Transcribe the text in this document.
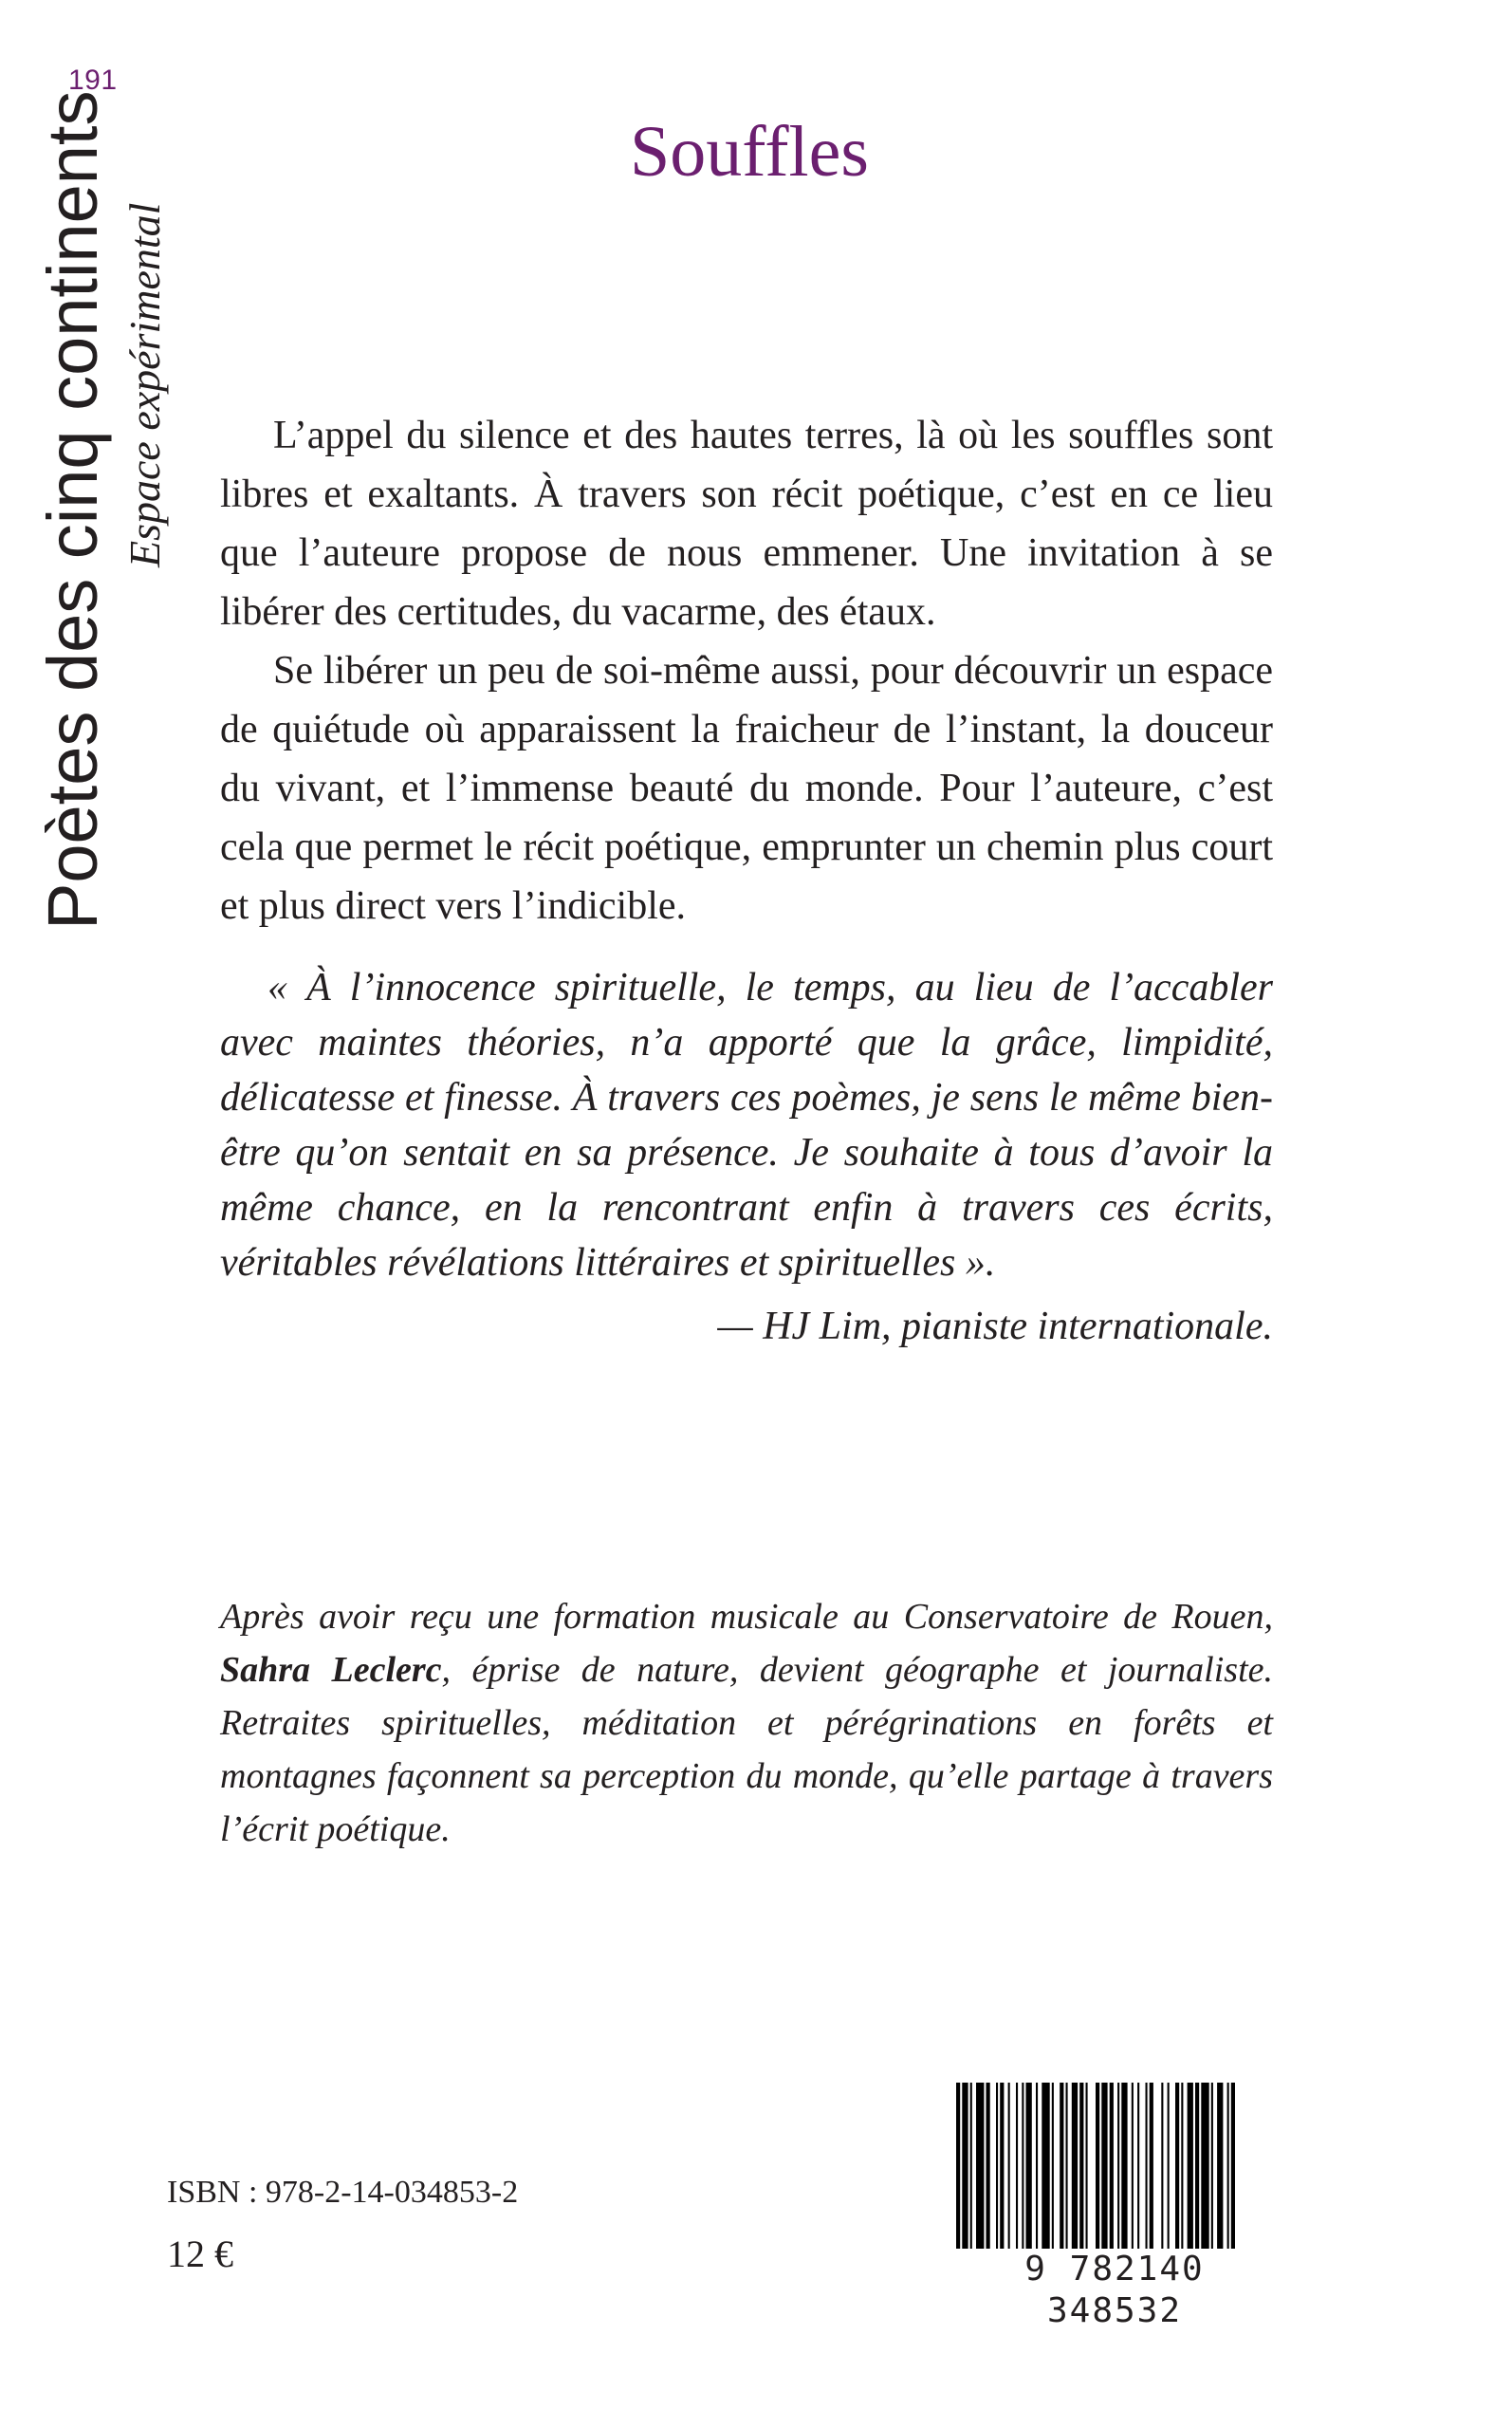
191
Poètes des cinq continents Espace expérimental
Souffles

L’appel du silence et des hautes terres, là où les souffles sont libres et exaltants. À travers son récit poétique, c’est en ce lieu que l’auteure propose de nous emmener. Une invitation à se libérer des certitudes, du vacarme, des étaux.

Se libérer un peu de soi-même aussi, pour découvrir un espace de quiétude où apparaissent la fraicheur de l’instant, la douceur du vivant, et l’immense beauté du monde. Pour l’auteure, c’est cela que permet le récit poétique, emprunter un chemin plus court et plus direct vers l’indicible.

« À l’innocence spirituelle, le temps, au lieu de l’accabler avec maintes théories, n’a apporté que la grâce, limpidité, délicatesse et finesse. À travers ces poèmes, je sens le même bien-être qu’on sentait en sa présence. Je souhaite à tous d’avoir la même chance, en la rencontrant enfin à travers ces écrits, véritables révélations littéraires et spirituelles ».

— HJ Lim, pianiste internationale.

Après avoir reçu une formation musicale au Conservatoire de Rouen, Sahra Leclerc, éprise de nature, devient géographe et journaliste. Retraites spirituelles, méditation et pérégrinations en forêts et montagnes façonnent sa perception du monde, qu’elle partage à travers l’écrit poétique.

ISBN : 978-2-14-034853-2
12 €	9 782140 348532
